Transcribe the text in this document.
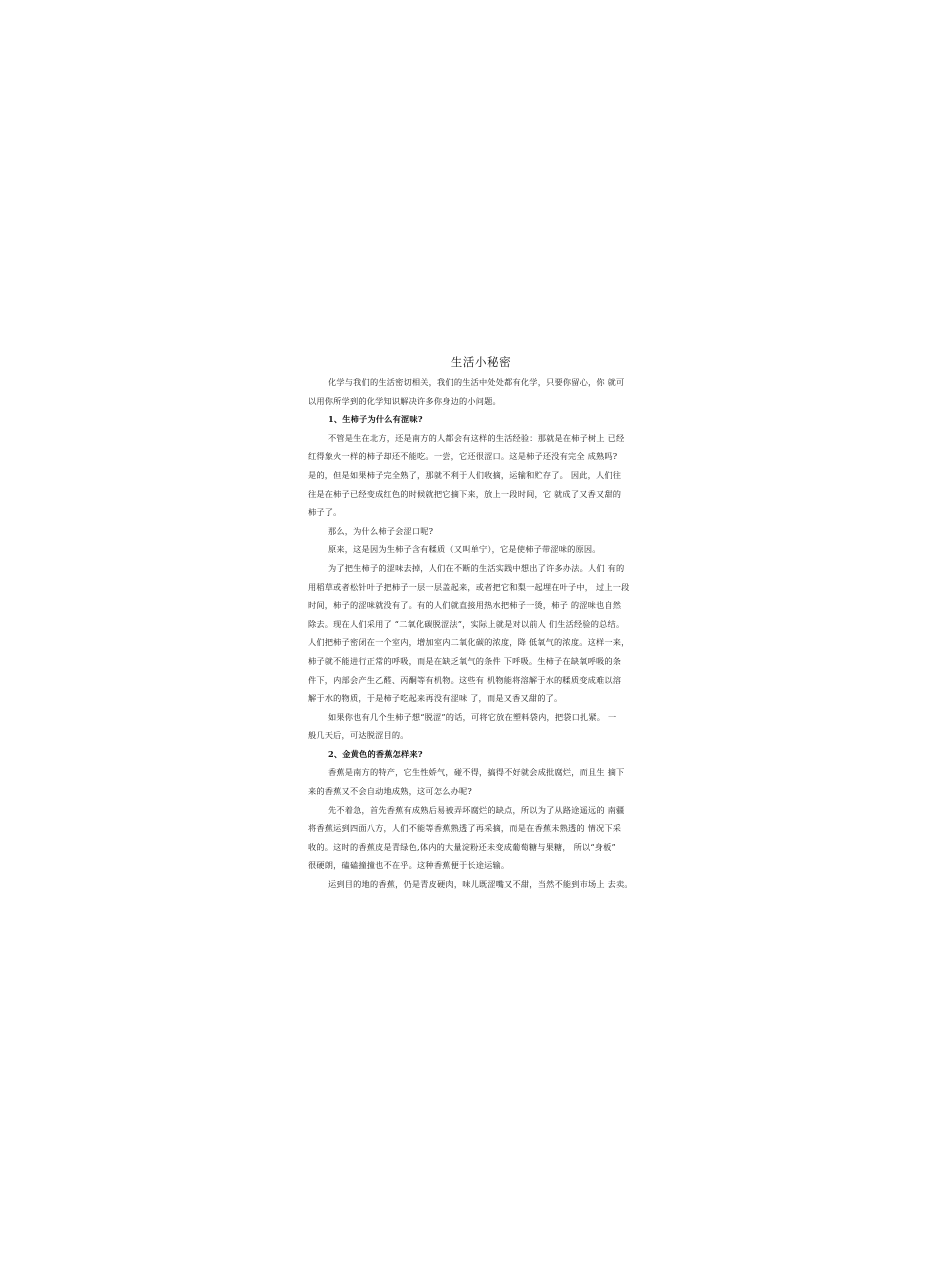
生活小秘密
化学与我们的生活密切相关，我们的生活中处处都有化学，只要你留心，你 就可
以用你所学到的化学知识解决许多你身边的小问题。
1、生柿子为什么有涩味?
不管是生在北方，还是南方的人都会有这样的生活经验：那就是在柿子树上 已经
红得象火一样的柿子却还不能吃。一尝，它还很涩口。这是柿子还没有完全 成熟吗?
是的，但是如果柿子完全熟了，那就不利于人们收摘，运输和贮存了。 因此，人们往
往是在柿子已经变成红色的时候就把它摘下来，放上一段时间，它 就成了又香又甜的
柿子了。
那么，为什么柿子会涩口呢?
原来，这是因为生柿子含有糅质（又叫单宁），它是使柿子带涩味的原因。
为了把生柿子的涩味去掉，人们在不断的生活实践中想出了许多办法。人们 有的
用稻草或者松针叶子把柿子一层一层盖起来，或者把它和梨一起埋在叶子中， 过上一段
时间，柿子的涩味就没有了。有的人们就直接用热水把柿子一烫，柿子 的涩味也自然
除去。现在人们采用了 “二氧化碳脱涩法”，实际上就是对以前人 们生活经验的总结。
人们把柿子密闭在一个室内，增加室内二氧化碳的浓度，降 低氧气的浓度。这样一来，
柿子就不能进行正常的呼吸，而是在缺乏氧气的条件 下呼吸。生柿子在缺氧呼吸的条
件下，内部会产生乙醛、丙酮等有机物。这些有 机物能将溶解于水的糅质变成难以溶
解于水的物质，于是柿子吃起来再没有涩味 了，而是又香又甜的了。
如果你也有几个生柿子想“脱涩”的话，可将它放在塑料袋内，把袋口扎紧。 一
般几天后，可达脱涩目的。
2、金黄色的香蕉怎样来?
香蕉是南方的特产，它生性娇气，碰不得，搞得不好就会成批腐烂，而且生 摘下
来的香蕉又不会自动地成熟，这可怎么办呢?
先不着急，首先香蕉有成熟后易被弄坏腐烂的缺点，所以为了从路途遥远的 南疆
将香蕉运到四面八方，人们不能等香蕉熟透了再采摘，而是在香蕉未熟透的 情况下采
收的。这时的香蕉皮是青绿色,体内的大量淀粉还未变成葡萄糖与果糖， 所以“身板”
很硬朗，磕磕撞撞也不在乎。这种香蕉便于长途运输。
运到目的地的香蕉，仍是青皮硬肉，味儿既涩嘴又不甜，当然不能到市场上 去卖。
